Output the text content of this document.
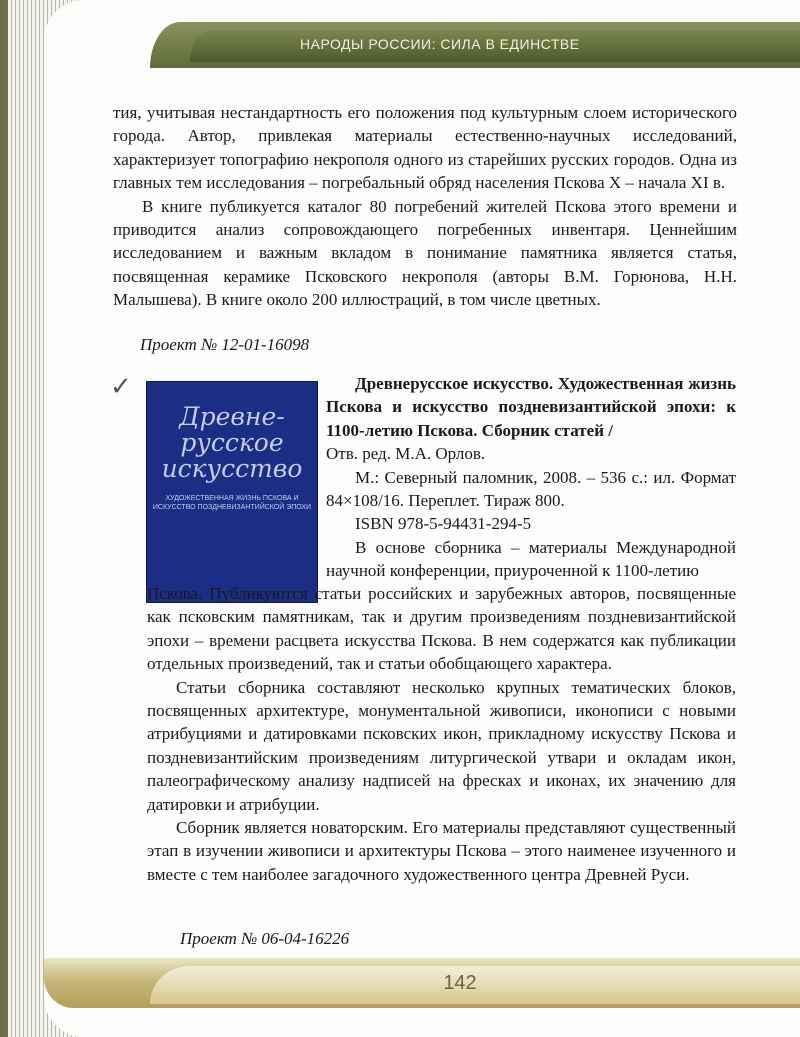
НАРОДЫ РОССИИ: СИЛА В ЕДИНСТВЕ

тия, учитывая нестандартность его положения под культурным слоем исторического города. Автор, привлекая материалы естественно-научных исследований, характеризует топографию некрополя одного из старейших русских городов. Одна из главных тем исследования – погребальный обряд населения Пскова X – начала XI в.

В книге публикуется каталог 80 погребений жителей Пскова этого времени и приводится анализ сопровождающего погребенных инвентаря. Ценнейшим исследованием и важным вкладом в понимание памятника является статья, посвященная керамике Псковского некрополя (авторы В.М. Горюнова, Н.Н. Малышева). В книге около 200 иллюстраций, в том числе цветных.

Проект № 12-01-16098
✓
Древне-
русское
искусство
ХУДОЖЕСТВЕННАЯ ЖИЗНЬ ПСКОВА И ИСКУССТВО ПОЗДНЕВИЗАНТИЙСКОЙ ЭПОХИ

Древнерусское искусство. Художественная жизнь Пскова и искусство поздневизантийской эпохи: к 1100-летию Пскова. Сборник статей /

Отв. ред. М.А. Орлов.

М.: Северный паломник, 2008. – 536 с.: ил. Формат 84×108/16. Переплет. Тираж 800.

ISBN 978-5-94431-294-5

В основе сборника – материалы Международной научной конференции, приуроченной к 1100-летию

Пскова. Публикуются статьи российских и зарубежных авторов, посвященные как псковским памятникам, так и другим произведениям поздневизантийской эпохи – времени расцвета искусства Пскова. В нем содержатся как публикации отдельных произведений, так и статьи обобщающего характера.

Статьи сборника составляют несколько крупных тематических блоков, посвященных архитектуре, монументальной живописи, иконописи с новыми атрибуциями и датировками псковских икон, прикладному искусству Пскова и поздневизантийским произведениям литургической утвари и окладам икон, палеографическому анализу надписей на фресках и иконах, их значению для датировки и атрибуции.

Сборник является новаторским. Его материалы представляют существенный этап в изучении живописи и архитектуры Пскова – этого наименее изученного и вместе с тем наиболее загадочного художественного центра Древней Руси.

Проект № 06-04-16226
142
